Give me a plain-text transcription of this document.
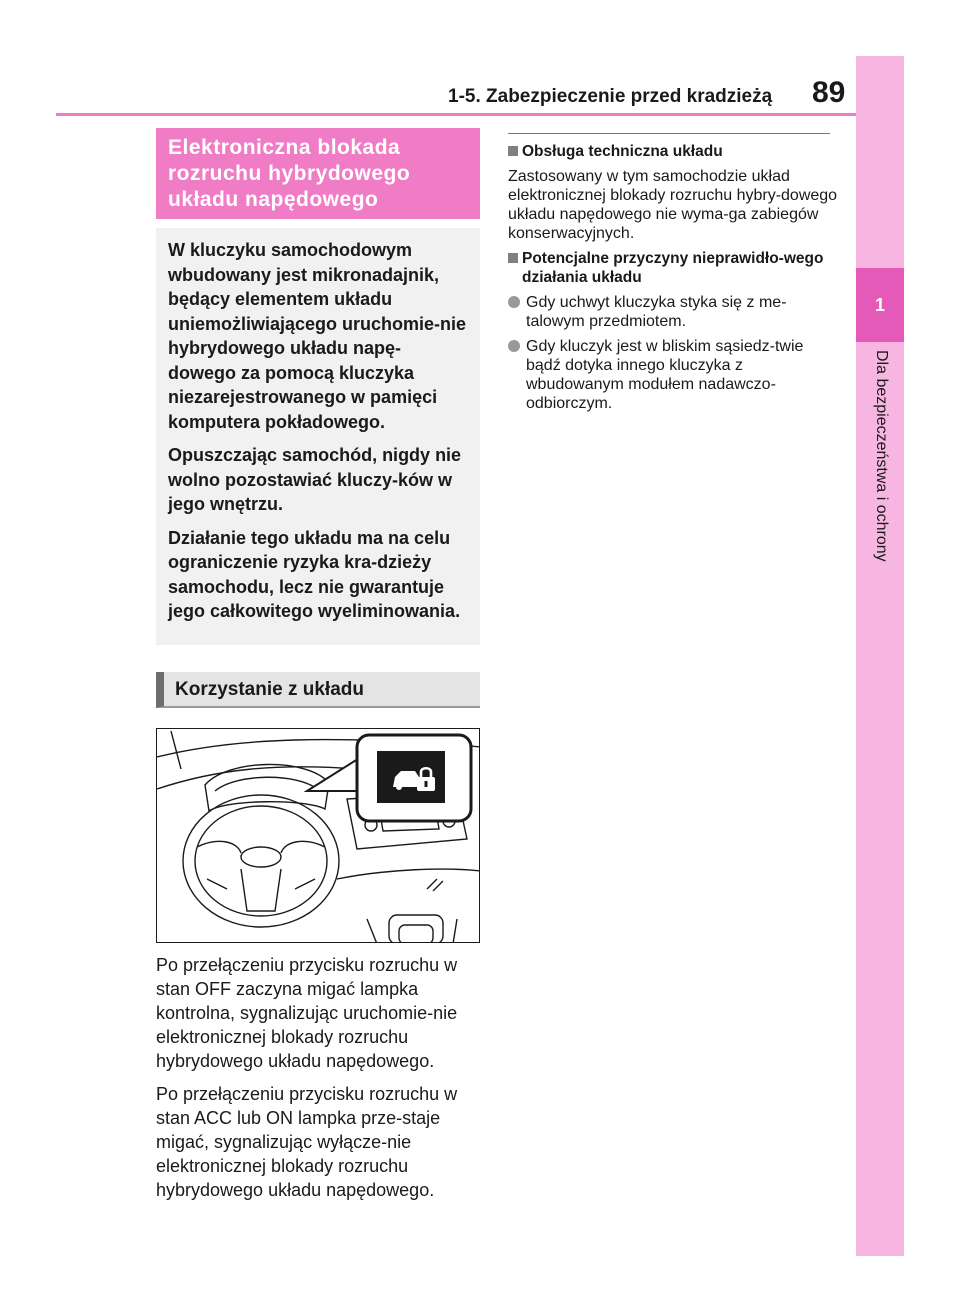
1-5. Zabezpieczenie przed kradzieżą 89
1
Dla bezpieczeństwa i ochrony
Elektroniczna blokada
rozruchu hybrydowego
układu napędowego

W kluczyku samochodowym wbudowany jest mikronadajnik, będący elementem układu uniemożliwiającego uruchomie-nie hybrydowego układu napę-dowego za pomocą kluczyka niezarejestrowanego w pamięci komputera pokładowego.

Opuszczając samochód, nigdy nie wolno pozostawiać kluczy-ków w jego wnętrzu.

Działanie tego układu ma na celu ograniczenie ryzyka kra-dzieży samochodu, lecz nie gwarantuje jego całkowitego wyeliminowania.

Korzystanie z układu

Po przełączeniu przycisku rozruchu w stan OFF zaczyna migać lampka kontrolna, sygnalizując uruchomie-nie elektronicznej blokady rozruchu hybrydowego układu napędowego.

Po przełączeniu przycisku rozruchu w stan ACC lub ON lampka prze-staje migać, sygnalizując wyłącze-nie elektronicznej blokady rozruchu hybrydowego układu napędowego.

Obsługa techniczna układu
Zastosowany w tym samochodzie układ elektronicznej blokady rozruchu hybry-dowego układu napędowego nie wyma-ga zabiegów konserwacyjnych.
Potencjalne przyczyny nieprawidło-wego działania układu
Gdy uchwyt kluczyka styka się z me-talowym przedmiotem.
Gdy kluczyk jest w bliskim sąsiedz-twie bądź dotyka innego kluczyka z wbudowanym modułem nadawczo-odbiorczym.
